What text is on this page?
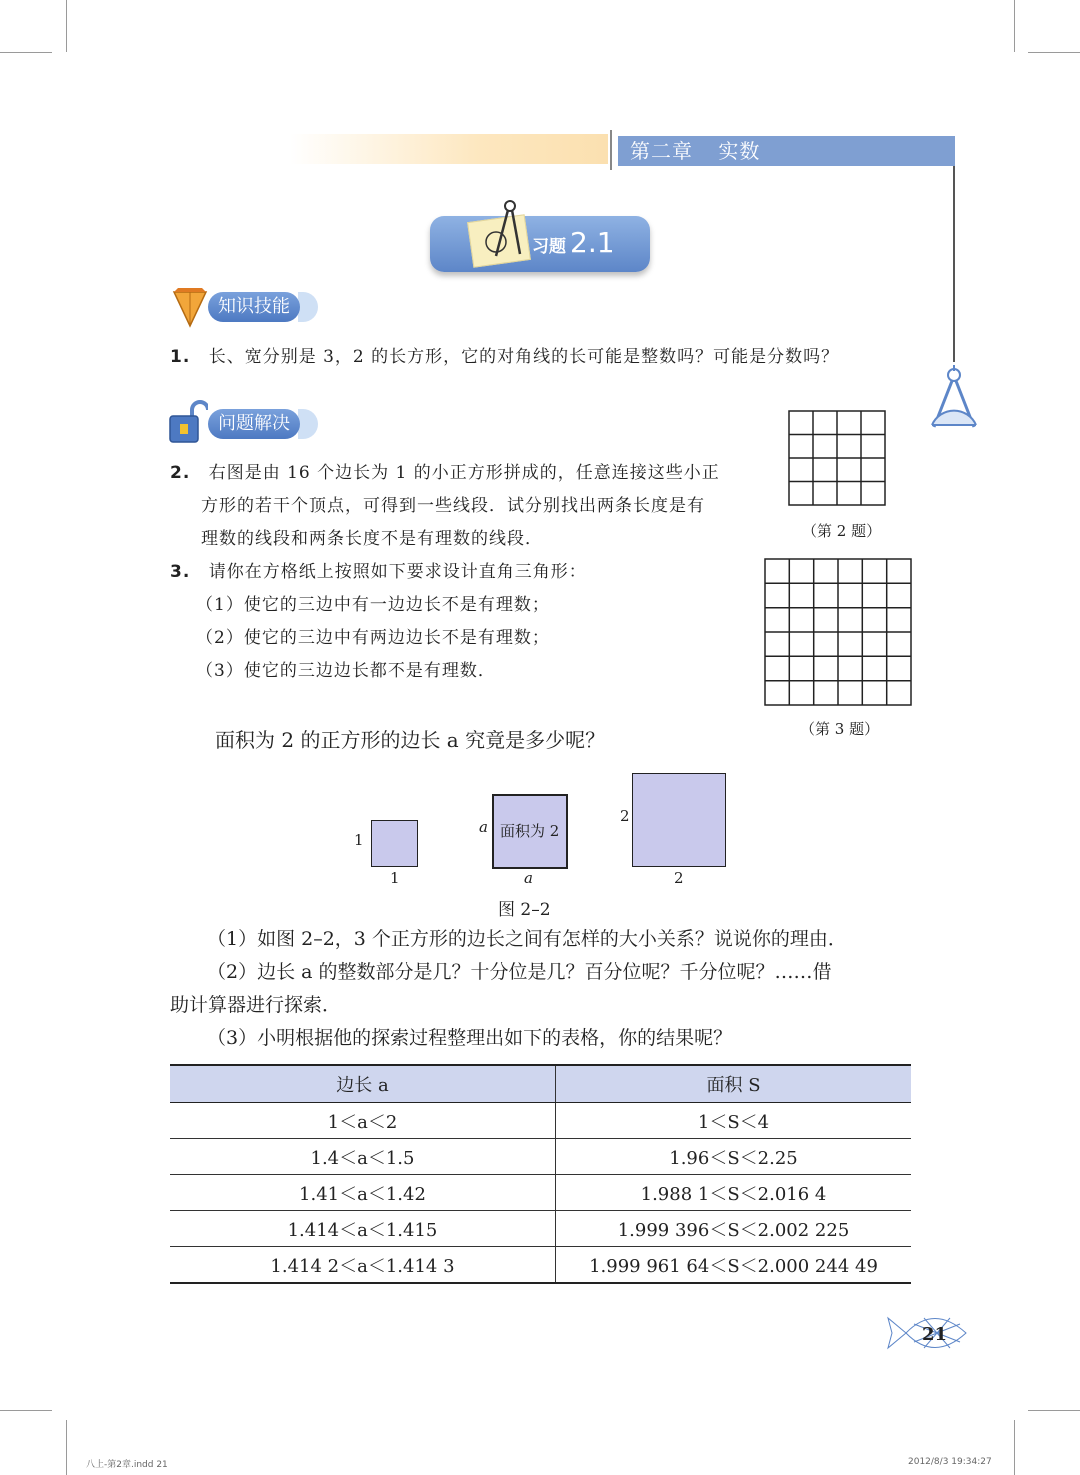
第二章 实数
习题 2.1
知识技能
1. 长、宽分别是 3，2 的长方形，它的对角线的长可能是整数吗？可能是分数吗？
问题解决
2. 右图是由 16 个边长为 1 的小正方形拼成的，任意连接这些小正
方形的若干个顶点，可得到一些线段．试分别找出两条长度是有
理数的线段和两条长度不是有理数的线段．
3. 请你在方格纸上按照如下要求设计直角三角形：
（1）使它的三边中有一边边长不是有理数；
（2）使它的三边中有两边边长不是有理数；
（3）使它的三边边长都不是有理数．
（第 2 题）
（第 3 题）
面积为 2 的正方形的边长 a 究竟是多少呢？
1
1
面积为 2
a
a
2
2
图 2–2
（1）如图 2–2，3 个正方形的边长之间有怎样的大小关系？说说你的理由．
（2）边长 a 的整数部分是几？十分位是几？百分位呢？千分位呢？……借
助计算器进行探索．
（3）小明根据他的探索过程整理出如下的表格，你的结果呢？
边长 a	面积 S
1＜a＜2	1＜S＜4
1.4＜a＜1.5	1.96＜S＜2.25
1.41＜a＜1.42	1.988 1＜S＜2.016 4
1.414＜a＜1.415	1.999 396＜S＜2.002 225
1.414 2＜a＜1.414 3	1.999 961 64＜S＜2.000 244 49
21
八上-第2章.indd 21	2012/8/3 19:34:27
